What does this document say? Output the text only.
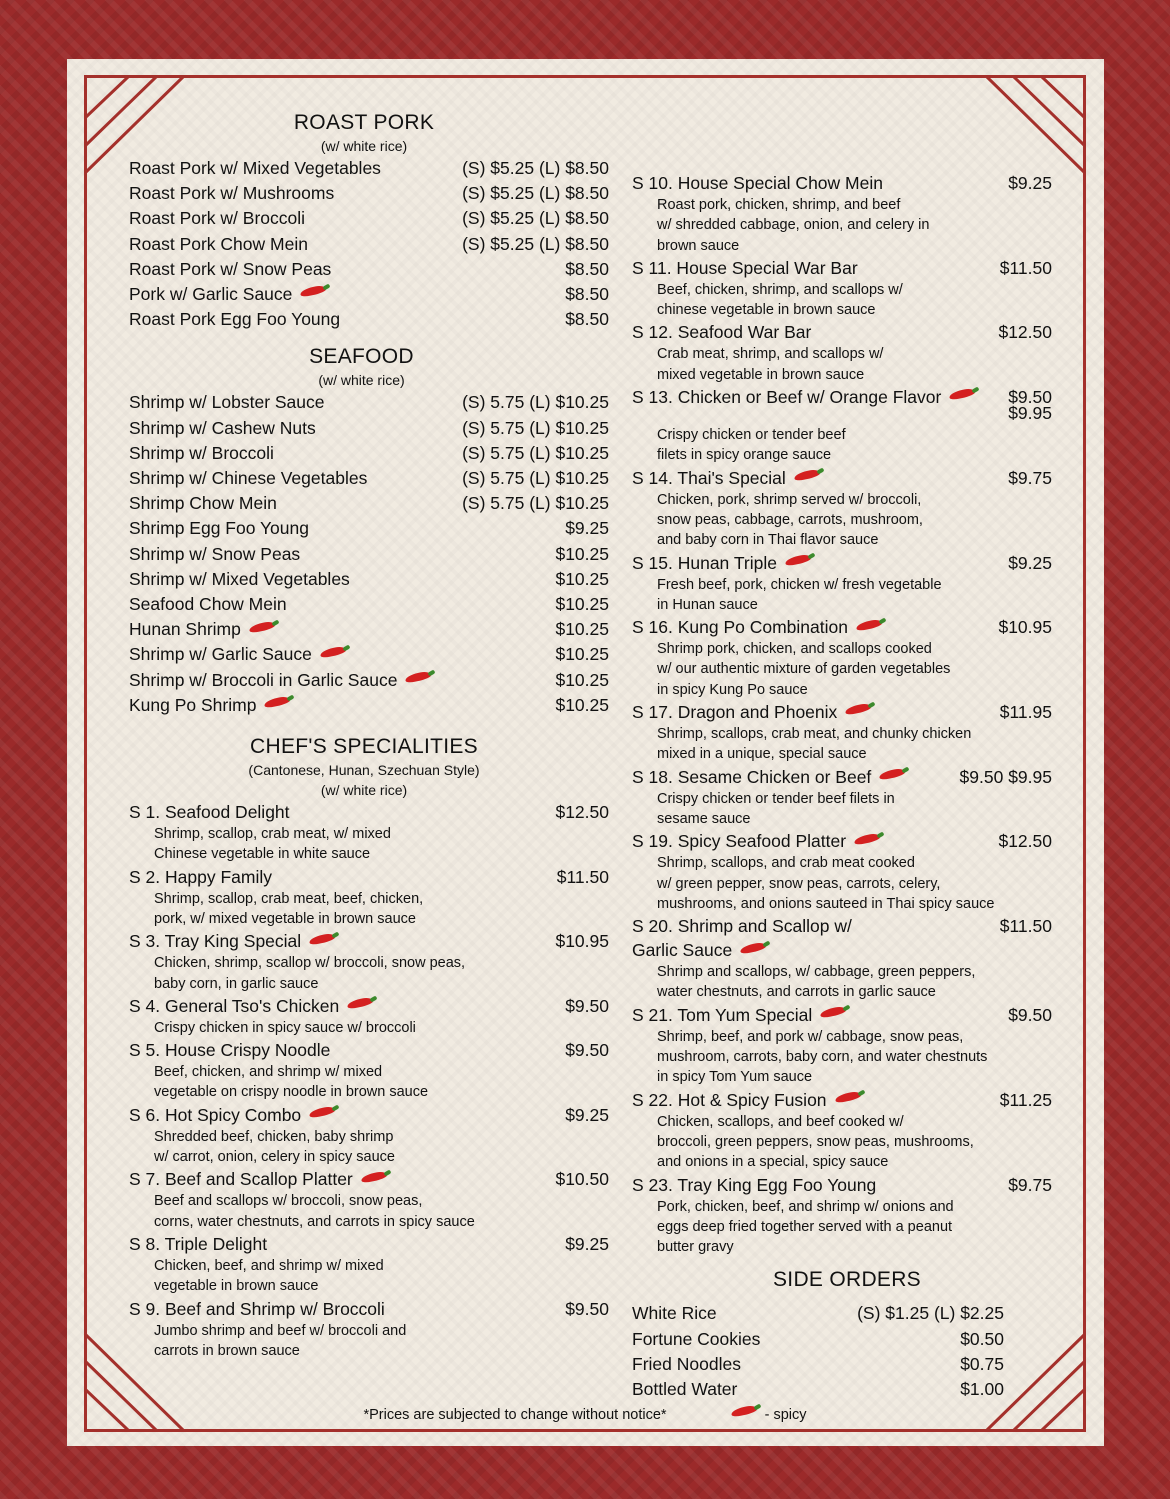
ROAST PORK
(w/ white rice)
Roast Pork w/ Mixed Vegetables	(S) $5.25 (L) $8.50
Roast Pork w/ Mushrooms	(S) $5.25 (L) $8.50
Roast Pork w/ Broccoli	(S) $5.25 (L) $8.50
Roast Pork Chow Mein	(S) $5.25 (L) $8.50
Roast Pork w/ Snow Peas	$8.50
Pork w/ Garlic Sauce	$8.50
Roast Pork Egg Foo Young	$8.50
SEAFOOD
(w/ white rice)
Shrimp w/ Lobster Sauce	(S) 5.75 (L) $10.25
Shrimp w/ Cashew Nuts	(S) 5.75 (L) $10.25
Shrimp w/ Broccoli	(S) 5.75 (L) $10.25
Shrimp w/ Chinese Vegetables	(S) 5.75 (L) $10.25
Shrimp Chow Mein	(S) 5.75 (L) $10.25
Shrimp Egg Foo Young	$9.25
Shrimp w/ Snow Peas	$10.25
Shrimp w/ Mixed Vegetables	$10.25
Seafood Chow Mein	$10.25
Hunan Shrimp	$10.25
Shrimp w/ Garlic Sauce	$10.25
Shrimp w/ Broccoli in Garlic Sauce	$10.25
Kung Po Shrimp	$10.25
CHEF'S SPECIALITIES
(Cantonese, Hunan, Szechuan Style)
(w/ white rice)
S 1. Seafood Delight	$12.50
Shrimp, scallop, crab meat, w/ mixed
Chinese vegetable in white sauce
S 2. Happy Family	$11.50
Shrimp, scallop, crab meat, beef, chicken,
pork, w/ mixed vegetable in brown sauce
S 3. Tray King Special	$10.95
Chicken, shrimp, scallop w/ broccoli, snow peas,
baby corn, in garlic sauce
S 4. General Tso's Chicken	$9.50
Crispy chicken in spicy sauce w/ broccoli
S 5. House Crispy Noodle	$9.50
Beef, chicken, and shrimp w/ mixed
vegetable on crispy noodle in brown sauce
S 6. Hot Spicy Combo	$9.25
Shredded beef, chicken, baby shrimp
w/ carrot, onion, celery in spicy sauce
S 7. Beef and Scallop Platter	$10.50
Beef and scallops w/ broccoli, snow peas,
corns, water chestnuts, and carrots in spicy sauce
S 8. Triple Delight	$9.25
Chicken, beef, and shrimp w/ mixed
vegetable in brown sauce
S 9. Beef and Shrimp w/ Broccoli	$9.50
Jumbo shrimp and beef w/ broccoli and
carrots in brown sauce
S 10. House Special Chow Mein	$9.25
Roast pork, chicken, shrimp, and beef
w/ shredded cabbage, onion, and celery in
brown sauce
S 11. House Special War Bar	$11.50
Beef, chicken, shrimp, and scallops w/
chinese vegetable in brown sauce
S 12. Seafood War Bar	$12.50
Crab meat, shrimp, and scallops w/
mixed vegetable in brown sauce
S 13. Chicken or Beef w/ Orange Flavor	$9.50
$9.95
Crispy chicken or tender beef
filets in spicy orange sauce
S 14. Thai's Special	$9.75
Chicken, pork, shrimp served w/ broccoli,
snow peas, cabbage, carrots, mushroom,
and baby corn in Thai flavor sauce
S 15. Hunan Triple	$9.25
Fresh beef, pork, chicken w/ fresh vegetable
in Hunan sauce
S 16. Kung Po Combination	$10.95
Shrimp pork, chicken, and scallops cooked
w/ our authentic mixture of garden vegetables
in spicy Kung Po sauce
S 17. Dragon and Phoenix	$11.95
Shrimp, scallops, crab meat, and chunky chicken
mixed in a unique, special sauce
S 18. Sesame Chicken or Beef	$9.50 $9.95
Crispy chicken or tender beef filets in
sesame sauce
S 19. Spicy Seafood Platter	$12.50
Shrimp, scallops, and crab meat cooked
w/ green pepper, snow peas, carrots, celery,
mushrooms, and onions sauteed in Thai spicy sauce
S 20. Shrimp and Scallop w/	$11.50
Garlic Sauce
Shrimp and scallops, w/ cabbage, green peppers,
water chestnuts, and carrots in garlic sauce
S 21. Tom Yum Special	$9.50
Shrimp, beef, and pork w/ cabbage, snow peas,
mushroom, carrots, baby corn, and water chestnuts
in spicy Tom Yum sauce
S 22. Hot & Spicy Fusion	$11.25
Chicken, scallops, and beef cooked w/
broccoli, green peppers, snow peas, mushrooms,
and onions in a special, spicy sauce
S 23. Tray King Egg Foo Young	$9.75
Pork, chicken, beef, and shrimp w/ onions and
eggs deep fried together served with a peanut
butter gravy
SIDE ORDERS
White Rice	(S) $1.25 (L) $2.25
Fortune Cookies	$0.50
Fried Noodles	$0.75
Bottled Water	$1.00
*Prices are subjected to change without notice*	- spicy
